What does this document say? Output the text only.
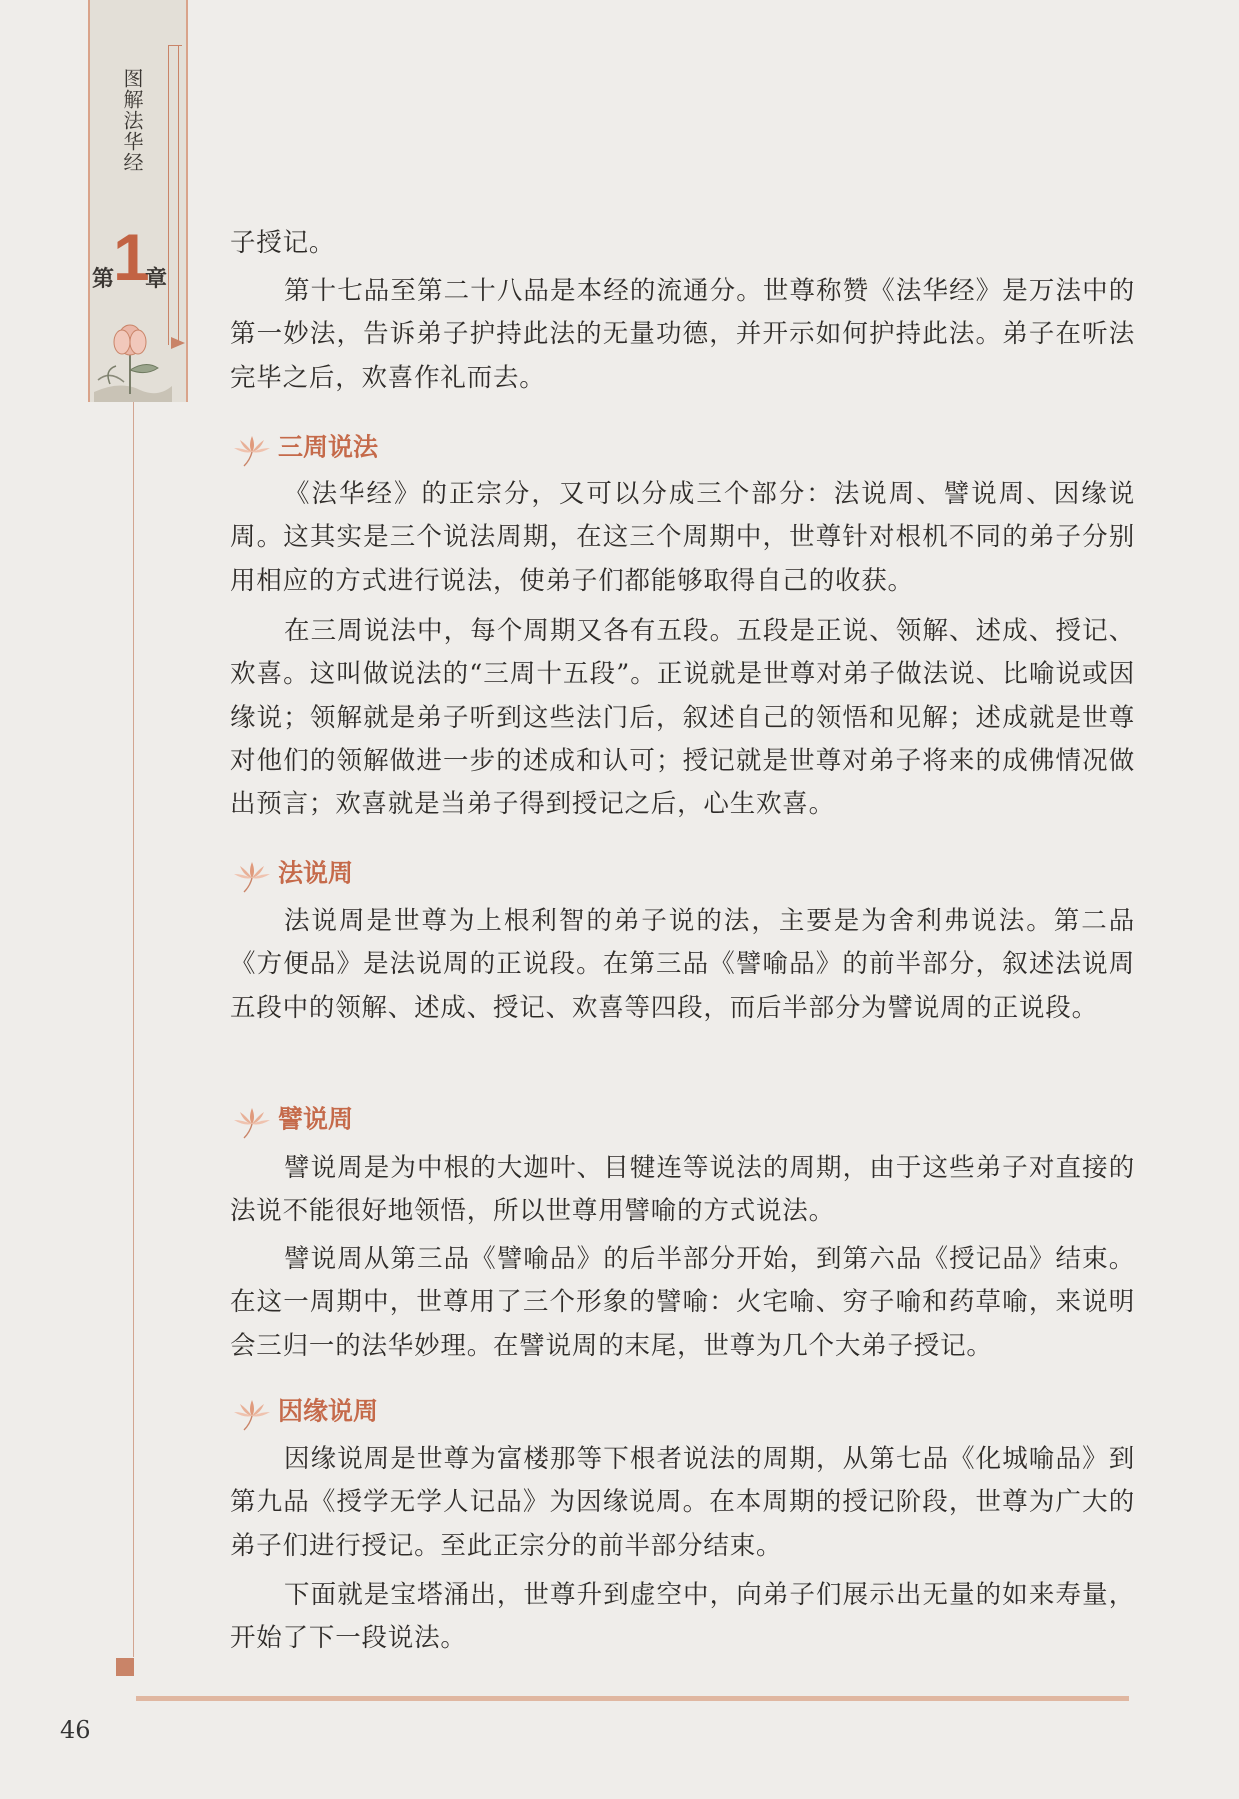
图解法华经
第
1
章
46

子授记。

第十七品至第二十八品是本经的流通分。世尊称赞《法华经》是万法中的第一妙法，告诉弟子护持此法的无量功德，并开示如何护持此法。弟子在听法完毕之后，欢喜作礼而去。

三周说法

《法华经》的正宗分，又可以分成三个部分：法说周、譬说周、因缘说周。这其实是三个说法周期，在这三个周期中，世尊针对根机不同的弟子分别用相应的方式进行说法，使弟子们都能够取得自己的收获。

在三周说法中，每个周期又各有五段。五段是正说、领解、述成、授记、欢喜。这叫做说法的“三周十五段”。正说就是世尊对弟子做法说、比喻说或因缘说；领解就是弟子听到这些法门后，叙述自己的领悟和见解；述成就是世尊对他们的领解做进一步的述成和认可；授记就是世尊对弟子将来的成佛情况做出预言；欢喜就是当弟子得到授记之后，心生欢喜。

法说周

法说周是世尊为上根利智的弟子说的法，主要是为舍利弗说法。第二品《方便品》是法说周的正说段。在第三品《譬喻品》的前半部分，叙述法说周五段中的领解、述成、授记、欢喜等四段，而后半部分为譬说周的正说段。

譬说周

譬说周是为中根的大迦叶、目犍连等说法的周期，由于这些弟子对直接的法说不能很好地领悟，所以世尊用譬喻的方式说法。

譬说周从第三品《譬喻品》的后半部分开始，到第六品《授记品》结束。在这一周期中，世尊用了三个形象的譬喻：火宅喻、穷子喻和药草喻，来说明会三归一的法华妙理。在譬说周的末尾，世尊为几个大弟子授记。

因缘说周

因缘说周是世尊为富楼那等下根者说法的周期，从第七品《化城喻品》到第九品《授学无学人记品》为因缘说周。在本周期的授记阶段，世尊为广大的弟子们进行授记。至此正宗分的前半部分结束。

下面就是宝塔涌出，世尊升到虚空中，向弟子们展示出无量的如来寿量，开始了下一段说法。
